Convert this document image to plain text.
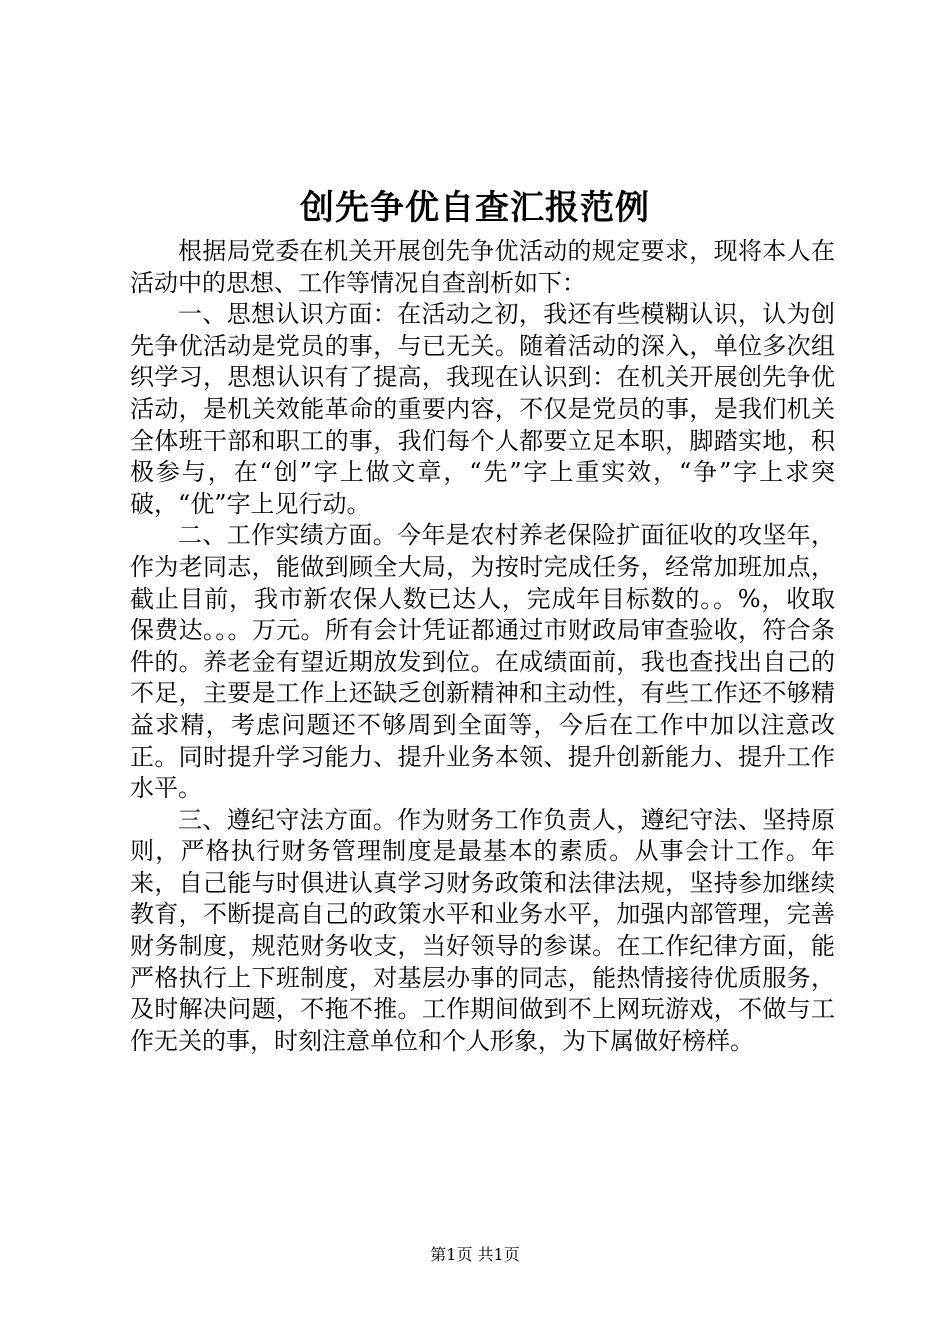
创先争优自查汇报范例

根据局党委在机关开展创先争优活动的规定要求，现将本人在活动中的思想、工作等情况自查剖析如下：

一、思想认识方面：在活动之初，我还有些模糊认识，认为创先争优活动是党员的事，与已无关。随着活动的深入，单位多次组织学习，思想认识有了提高，我现在认识到：在机关开展创先争优活动，是机关效能革命的重要内容，不仅是党员的事，是我们机关全体班干部和职工的事，我们每个人都要立足本职，脚踏实地，积极参与，在“创”字上做文章，“先”字上重实效，“争”字上求突破，“优”字上见行动。

二、工作实绩方面。今年是农村养老保险扩面征收的攻坚年，作为老同志，能做到顾全大局，为按时完成任务，经常加班加点，截止目前，我市新农保人数已达人，完成年目标数的。。%，收取保费达。。。万元。所有会计凭证都通过市财政局审查验收，符合条件的。养老金有望近期放发到位。在成绩面前，我也查找出自己的不足，主要是工作上还缺乏创新精神和主动性，有些工作还不够精益求精，考虑问题还不够周到全面等，今后在工作中加以注意改正。同时提升学习能力、提升业务本领、提升创新能力、提升工作水平。

三、遵纪守法方面。作为财务工作负责人，遵纪守法、坚持原则，严格执行财务管理制度是最基本的素质。从事会计工作。年来，自己能与时俱进认真学习财务政策和法律法规，坚持参加继续教育，不断提高自己的政策水平和业务水平，加强内部管理，完善财务制度，规范财务收支，当好领导的参谋。在工作纪律方面，能严格执行上下班制度，对基层办事的同志，能热情接待优质服务，及时解决问题，不拖不推。工作期间做到不上网玩游戏，不做与工作无关的事，时刻注意单位和个人形象，为下属做好榜样。

第1页 共1页
